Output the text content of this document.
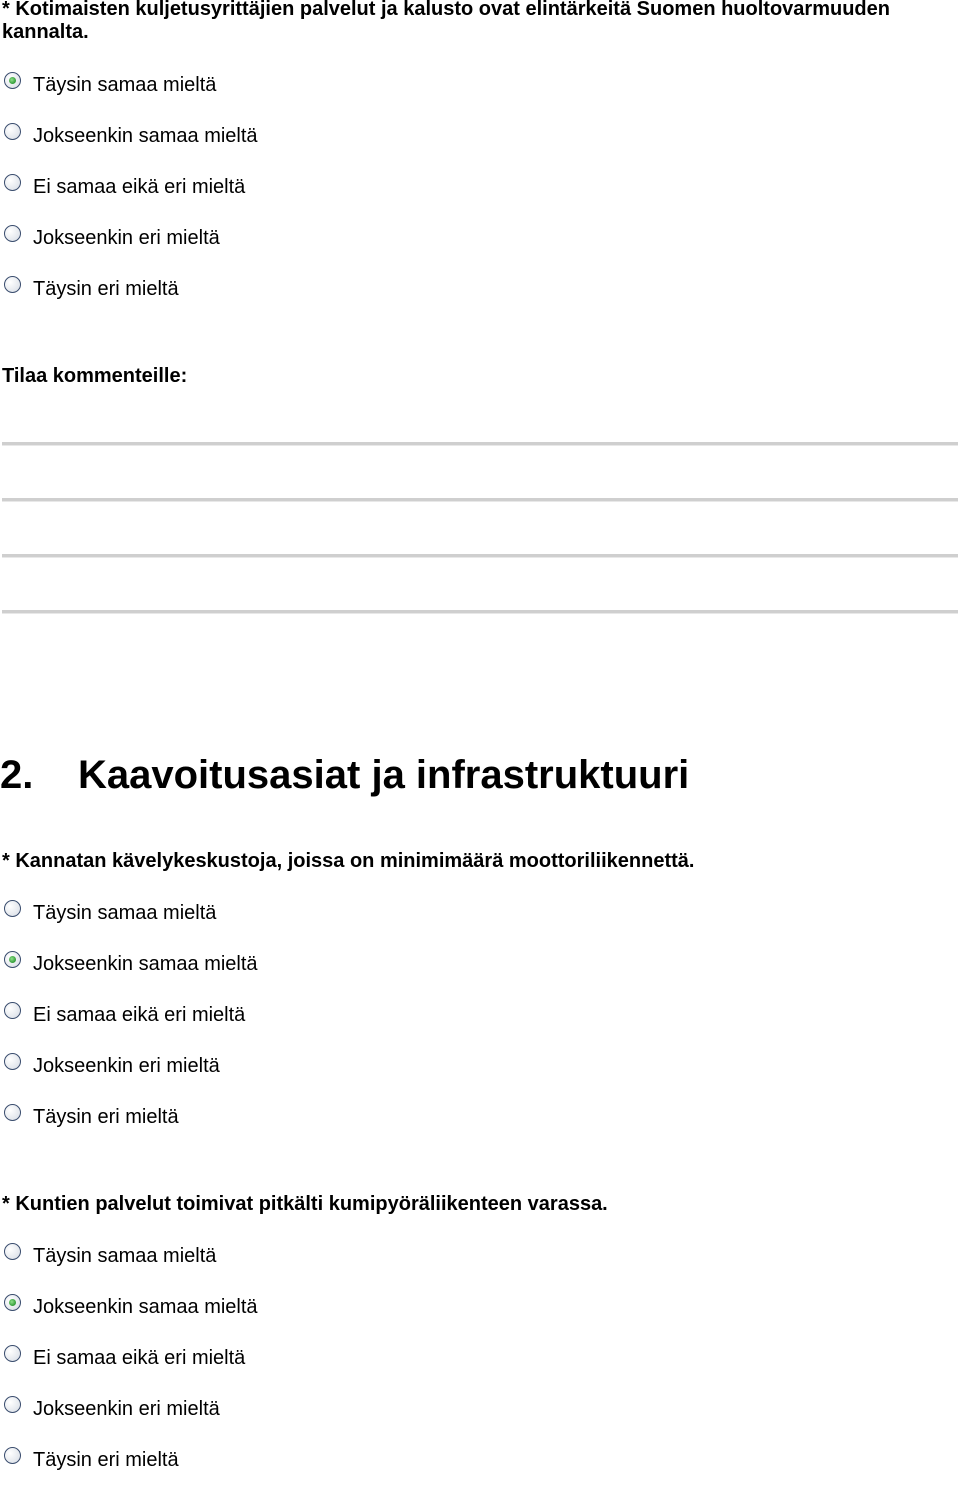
* Kotimaisten kuljetusyrittäjien palvelut ja kalusto ovat elintärkeitä Suomen huoltovarmuuden kannalta.

Täysin samaa mieltä
Jokseenkin samaa mieltä
Ei samaa eikä eri mieltä
Jokseenkin eri mieltä
Täysin eri mieltä

Tilaa kommenteille:

2. Kaavoitusasiat ja infrastruktuuri

* Kannatan kävelykeskustoja, joissa on minimimäärä moottoriliikennettä.

Täysin samaa mieltä
Jokseenkin samaa mieltä
Ei samaa eikä eri mieltä
Jokseenkin eri mieltä
Täysin eri mieltä

* Kuntien palvelut toimivat pitkälti kumipyöräliikenteen varassa.

Täysin samaa mieltä
Jokseenkin samaa mieltä
Ei samaa eikä eri mieltä
Jokseenkin eri mieltä
Täysin eri mieltä
